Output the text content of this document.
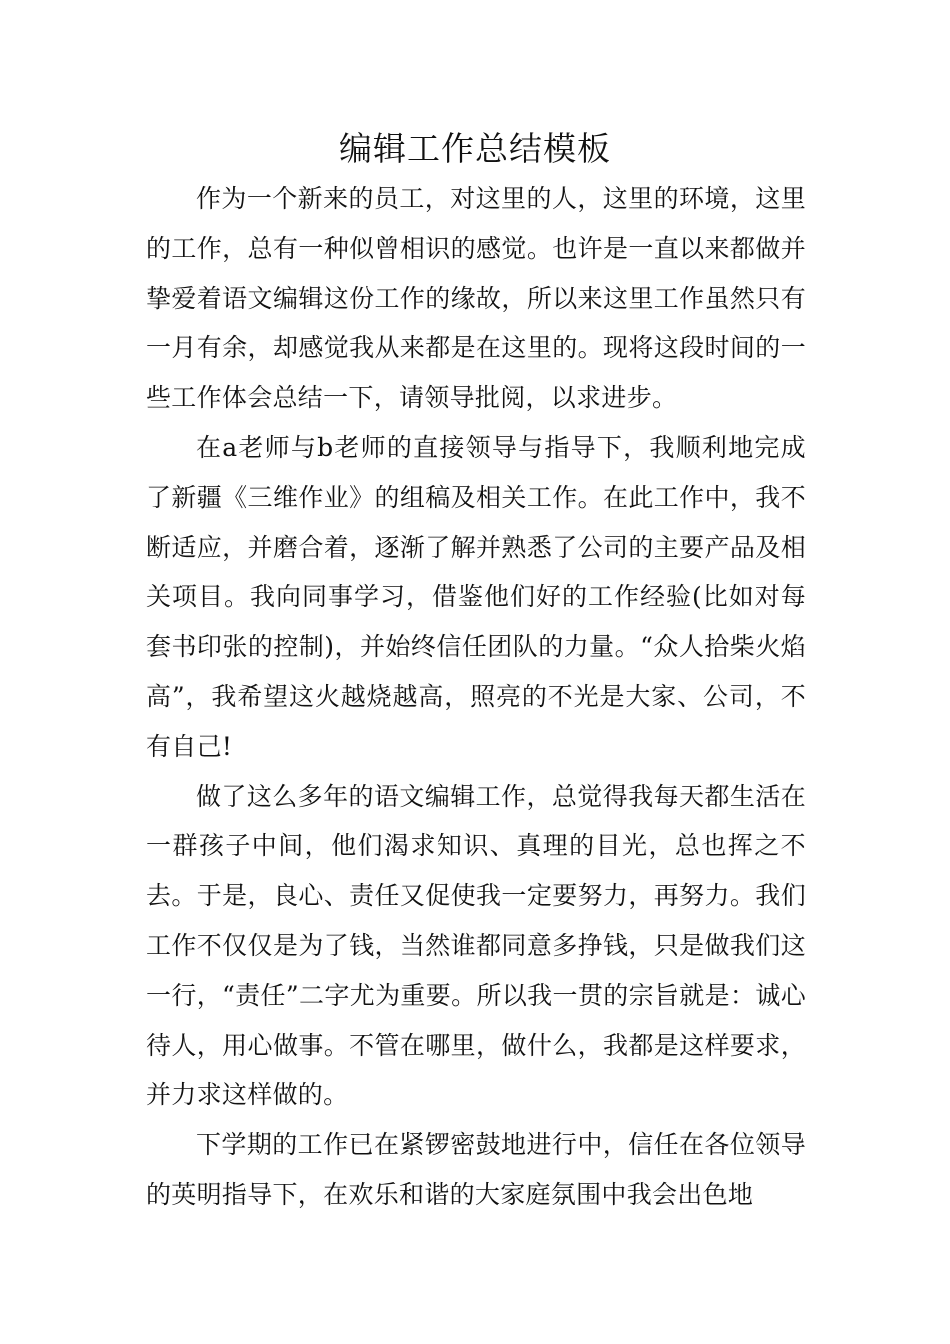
编辑工作总结模板

作为一个新来的员工，对这里的人，这里的环境，这里的工作，总有一种似曾相识的感觉。也许是一直以来都做并挚爱着语文编辑这份工作的缘故，所以来这里工作虽然只有一月有余，却感觉我从来都是在这里的。现将这段时间的一些工作体会总结一下，请领导批阅，以求进步。

在a老师与b老师的直接领导与指导下，我顺利地完成了新疆《三维作业》的组稿及相关工作。在此工作中，我不断适应，并磨合着，逐渐了解并熟悉了公司的主要产品及相关项目。我向同事学习，借鉴他们好的工作经验(比如对每套书印张的控制)，并始终信任团队的力量。“众人拾柴火焰高”，我希望这火越烧越高，照亮的不光是大家、公司，不有自己!

做了这么多年的语文编辑工作，总觉得我每天都生活在一群孩子中间，他们渴求知识、真理的目光，总也挥之不去。于是，良心、责任又促使我一定要努力，再努力。我们工作不仅仅是为了钱，当然谁都同意多挣钱，只是做我们这一行，“责任”二字尤为重要。所以我一贯的宗旨就是：诚心待人，用心做事。不管在哪里，做什么，我都是这样要求，并力求这样做的。

下学期的工作已在紧锣密鼓地进行中，信任在各位领导的英明指导下，在欢乐和谐的大家庭氛围中我会出色地
